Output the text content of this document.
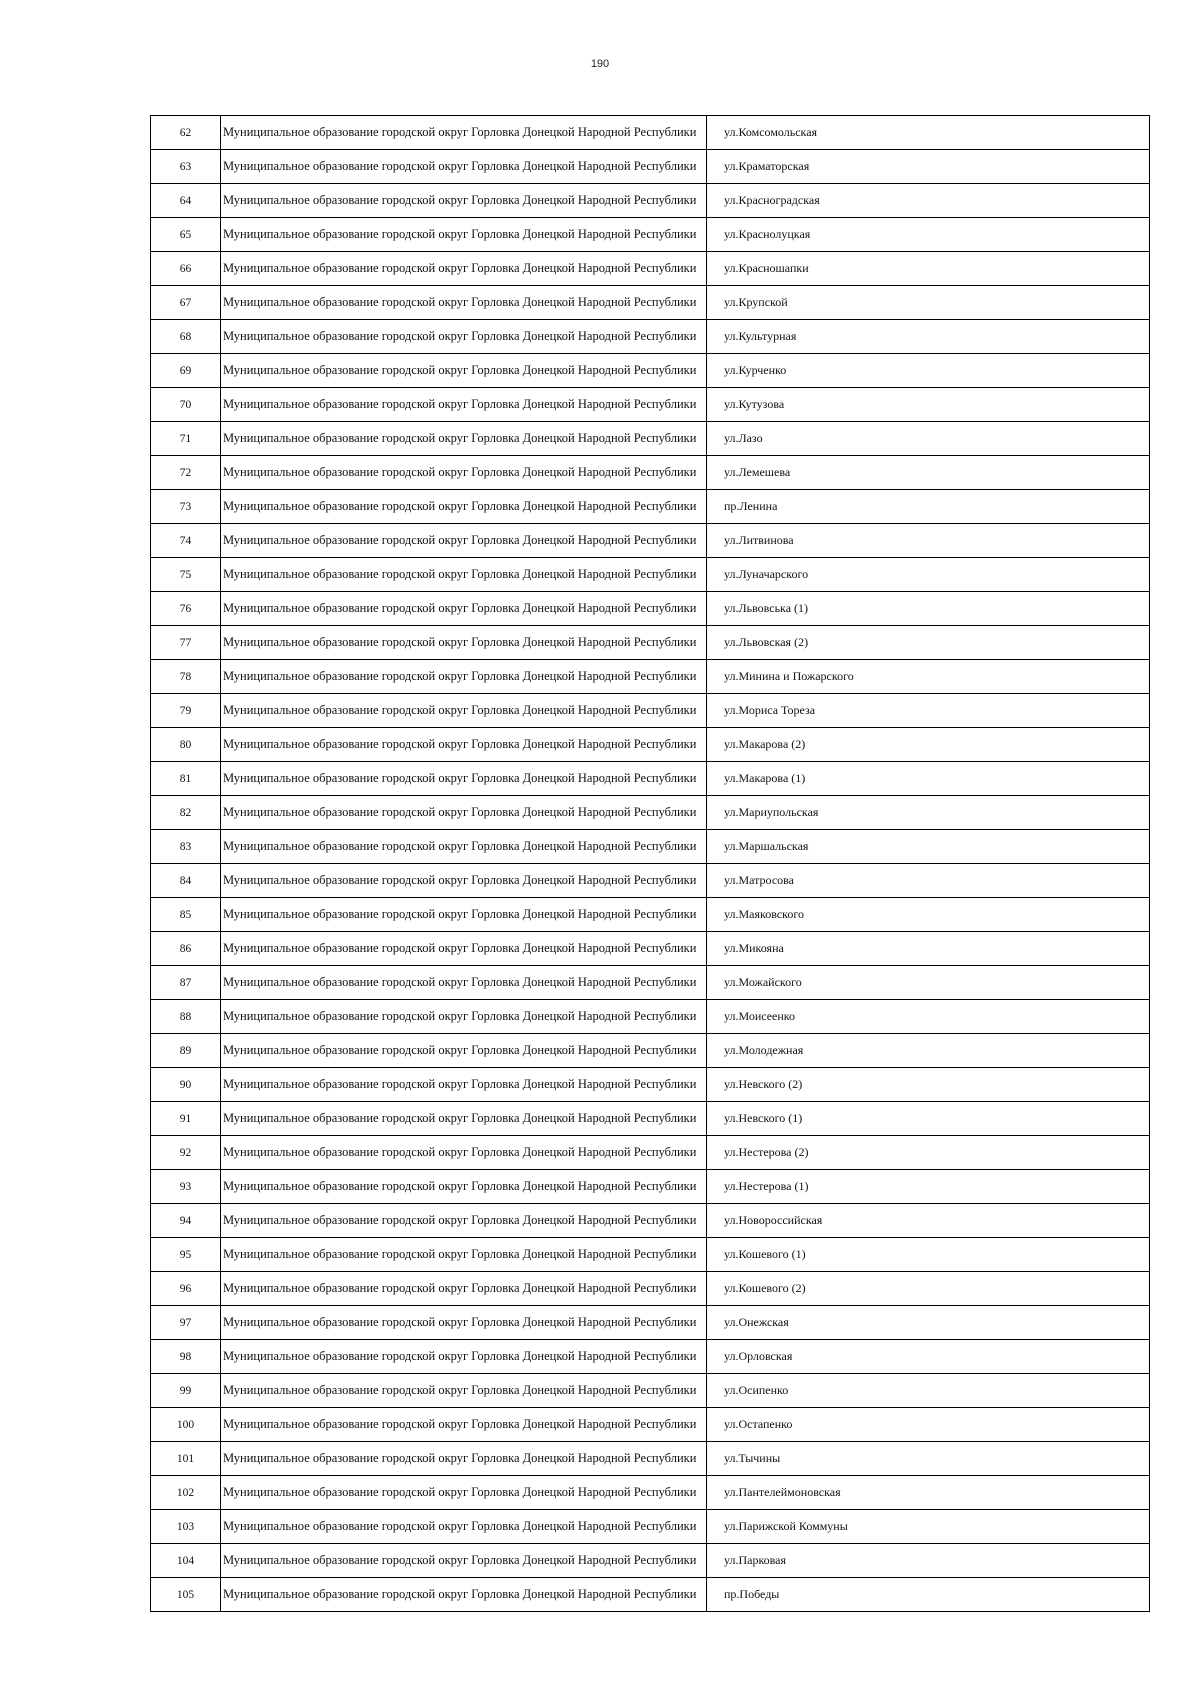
190
62	Муниципальное образование городской округ Горловка Донецкой Народной Республики	ул.Комсомольская
63	Муниципальное образование городской округ Горловка Донецкой Народной Республики	ул.Краматорская
64	Муниципальное образование городской округ Горловка Донецкой Народной Республики	ул.Красноградская
65	Муниципальное образование городской округ Горловка Донецкой Народной Республики	ул.Краснолуцкая
66	Муниципальное образование городской округ Горловка Донецкой Народной Республики	ул.Красношапки
67	Муниципальное образование городской округ Горловка Донецкой Народной Республики	ул.Крупской
68	Муниципальное образование городской округ Горловка Донецкой Народной Республики	ул.Культурная
69	Муниципальное образование городской округ Горловка Донецкой Народной Республики	ул.Курченко
70	Муниципальное образование городской округ Горловка Донецкой Народной Республики	ул.Кутузова
71	Муниципальное образование городской округ Горловка Донецкой Народной Республики	ул.Лазо
72	Муниципальное образование городской округ Горловка Донецкой Народной Республики	ул.Лемешева
73	Муниципальное образование городской округ Горловка Донецкой Народной Республики	пр.Ленина
74	Муниципальное образование городской округ Горловка Донецкой Народной Республики	ул.Литвинова
75	Муниципальное образование городской округ Горловка Донецкой Народной Республики	ул.Луначарского
76	Муниципальное образование городской округ Горловка Донецкой Народной Республики	ул.Львовська (1)
77	Муниципальное образование городской округ Горловка Донецкой Народной Республики	ул.Львовская (2)
78	Муниципальное образование городской округ Горловка Донецкой Народной Республики	ул.Минина и Пожарского
79	Муниципальное образование городской округ Горловка Донецкой Народной Республики	ул.Мориса Тореза
80	Муниципальное образование городской округ Горловка Донецкой Народной Республики	ул.Макарова (2)
81	Муниципальное образование городской округ Горловка Донецкой Народной Республики	ул.Макарова (1)
82	Муниципальное образование городской округ Горловка Донецкой Народной Республики	ул.Мариупольская
83	Муниципальное образование городской округ Горловка Донецкой Народной Республики	ул.Маршальская
84	Муниципальное образование городской округ Горловка Донецкой Народной Республики	ул.Матросова
85	Муниципальное образование городской округ Горловка Донецкой Народной Республики	ул.Маяковского
86	Муниципальное образование городской округ Горловка Донецкой Народной Республики	ул.Микояна
87	Муниципальное образование городской округ Горловка Донецкой Народной Республики	ул.Можайского
88	Муниципальное образование городской округ Горловка Донецкой Народной Республики	ул.Моисеенко
89	Муниципальное образование городской округ Горловка Донецкой Народной Республики	ул.Молодежная
90	Муниципальное образование городской округ Горловка Донецкой Народной Республики	ул.Невского (2)
91	Муниципальное образование городской округ Горловка Донецкой Народной Республики	ул.Невского (1)
92	Муниципальное образование городской округ Горловка Донецкой Народной Республики	ул.Нестерова (2)
93	Муниципальное образование городской округ Горловка Донецкой Народной Республики	ул.Нестерова (1)
94	Муниципальное образование городской округ Горловка Донецкой Народной Республики	ул.Новороссийская
95	Муниципальное образование городской округ Горловка Донецкой Народной Республики	ул.Кошевого (1)
96	Муниципальное образование городской округ Горловка Донецкой Народной Республики	ул.Кошевого (2)
97	Муниципальное образование городской округ Горловка Донецкой Народной Республики	ул.Онежская
98	Муниципальное образование городской округ Горловка Донецкой Народной Республики	ул.Орловская
99	Муниципальное образование городской округ Горловка Донецкой Народной Республики	ул.Осипенко
100	Муниципальное образование городской округ Горловка Донецкой Народной Республики	ул.Остапенко
101	Муниципальное образование городской округ Горловка Донецкой Народной Республики	ул.Тычины
102	Муниципальное образование городской округ Горловка Донецкой Народной Республики	ул.Пантелеймоновская
103	Муниципальное образование городской округ Горловка Донецкой Народной Республики	ул.Парижской Коммуны
104	Муниципальное образование городской округ Горловка Донецкой Народной Республики	ул.Парковая
105	Муниципальное образование городской округ Горловка Донецкой Народной Республики	пр.Победы
